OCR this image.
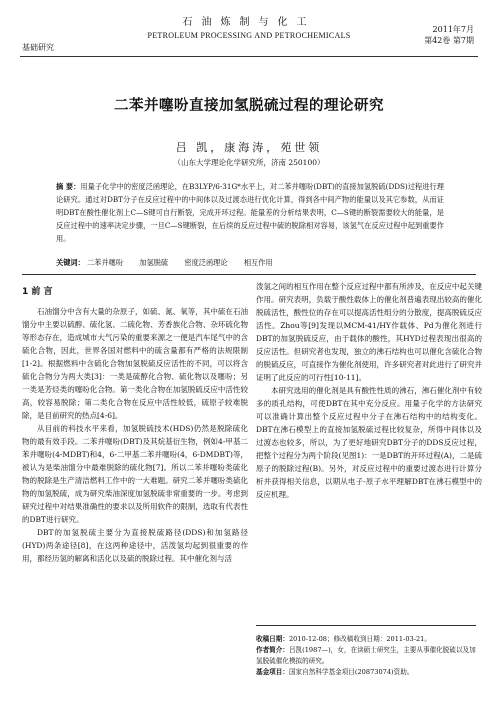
基础研究
石油炼制与化工
PETROLEUM PROCESSING AND PETROCHEMICALS
2011年7月
第42卷 第7期
二苯并噻吩直接加氢脱硫过程的理论研究
吕 凯，康海涛，苑世领
（山东大学理论化学研究所，济南 250100）
摘 要：用量子化学中的密度泛函理论，在B3LYP/6-31G*水平上，对二苯并噻吩(DBT)的直接加氢脱硫(DDS)过程进行理论研究。通过对DBT分子在反应过程中的中间体以及过渡态进行优化计算，得到各中间产物的能量以及其它参数，从而证明DBT在酸性催化剂上C—S键可自行断裂，完成开环过程。能量差的分析结果表明，C—S键的断裂需要较大的能量，是反应过程中的速率决定步骤，一旦C—S键断裂，在后续的反应过程中硫的脱除相对容易，该氢气在反应过程中起到重要作用。
关键词： 二苯并噻吩 加氢脱硫 密度泛函理论 相互作用
1 前 言

石油馏分中含有大量的杂原子，如硫、氮、氧等，其中硫在石油馏分中主要以硫醇、硫化氢、二硫化物、芳香族化合物、杂环硫化物等形态存在，造成城市大气污染的重要来源之一便是汽车尾气中的含硫化合物，因此，世界各国对燃料中的硫含量都有严格的法规限制[1-2]。根据燃料中含硫化合物加氢脱硫反应活性的不同，可以将含硫化合物分为两大类[3]：一类是硫醇化合物、硫化物以及噻吩；另一类是芳烃类的噻吩化合物。第一类化合物在加氢脱硫反应中活性较高，较容易脱除；第二类化合物在反应中活性较低，硫原子较难脱除，是目前研究的热点[4-6]。

从目前的科技水平来看，加氢脱硫技术(HDS)仍然是脱除硫化物的最有效手段。二苯并噻吩(DBT)及其烷基衍生物，例如4-甲基二苯并噻吩(4-MDBT)和4，6-二甲基二苯并噻吩(4，6-DMDBT)等，被认为是柴油馏分中最难脱除的硫化物[7]。所以二苯并噻吩类硫化物的脱除是生产清洁燃料工作中的一大难题。研究二苯并噻吩类硫化物的加氢脱硫，成为研究柴油深度加氢脱硫非常重要的一步。考虑到研究过程中对结果准确性的要求以及所用软件的限制，选取有代表性的DBT进行研究。

DBT的加氢脱硫主要分为直接脱硫路径(DDS)和加氢路径(HYD)两条途径[8]，在这两种途径中，活泼氢均起到很重要的作用，都经历氢的解离和活化以及硫的脱除过程。其中催化剂与活

泼氢之间的相互作用在整个反应过程中都有所涉及，在反应中起关键作用。研究表明，负载于酸性载体上的催化剂普遍表现出较高的催化脱硫活性，酸性位的存在可以提高活性组分的分散度，提高脱硫反应活性。Zhou等[9]发现以MCM-41/HY作载体、Pd为催化剂进行DBT的加氢脱硫反应，由于载体的酸性，其HYD过程表现出很高的反应活性。但研究者也发现，独立的沸石结构也可以催化含硫化合物的脱硫反应，可直接作为催化剂使用，许多研究者对此进行了研究并证明了此反应的可行性[10-11]。

本研究选用的催化剂是具有酸性性质的沸石，沸石催化剂中有较多的质孔结构，可使DBT在其中充分反应。用量子化学的方法研究可以准确计算出整个反应过程中分子在沸石结构中的结构变化。DBT在沸石模型上的直接加氢脱硫过程比较复杂，所得中间体以及过渡态也较多，所以，为了更好地研究DBT分子的DDS反应过程，把整个过程分为两个阶段(见图1)：一是DBT的开环过程(A)，二是硫原子的脱除过程(B)。另外，对反应过程中的重要过渡态进行计算分析并获得相关信息，以期从电子-原子水平理解DBT在沸石模型中的反应机理。

收稿日期：2010-12-08；修改稿收到日期：2011-03-21。
作者简介：吕凯(1987—)，女，在读硕士研究生，主要从事催化脱硫以及加氢脱硫催化模拟的研究。
基金项目：国家自然科学基金项目(20873074)资助。
